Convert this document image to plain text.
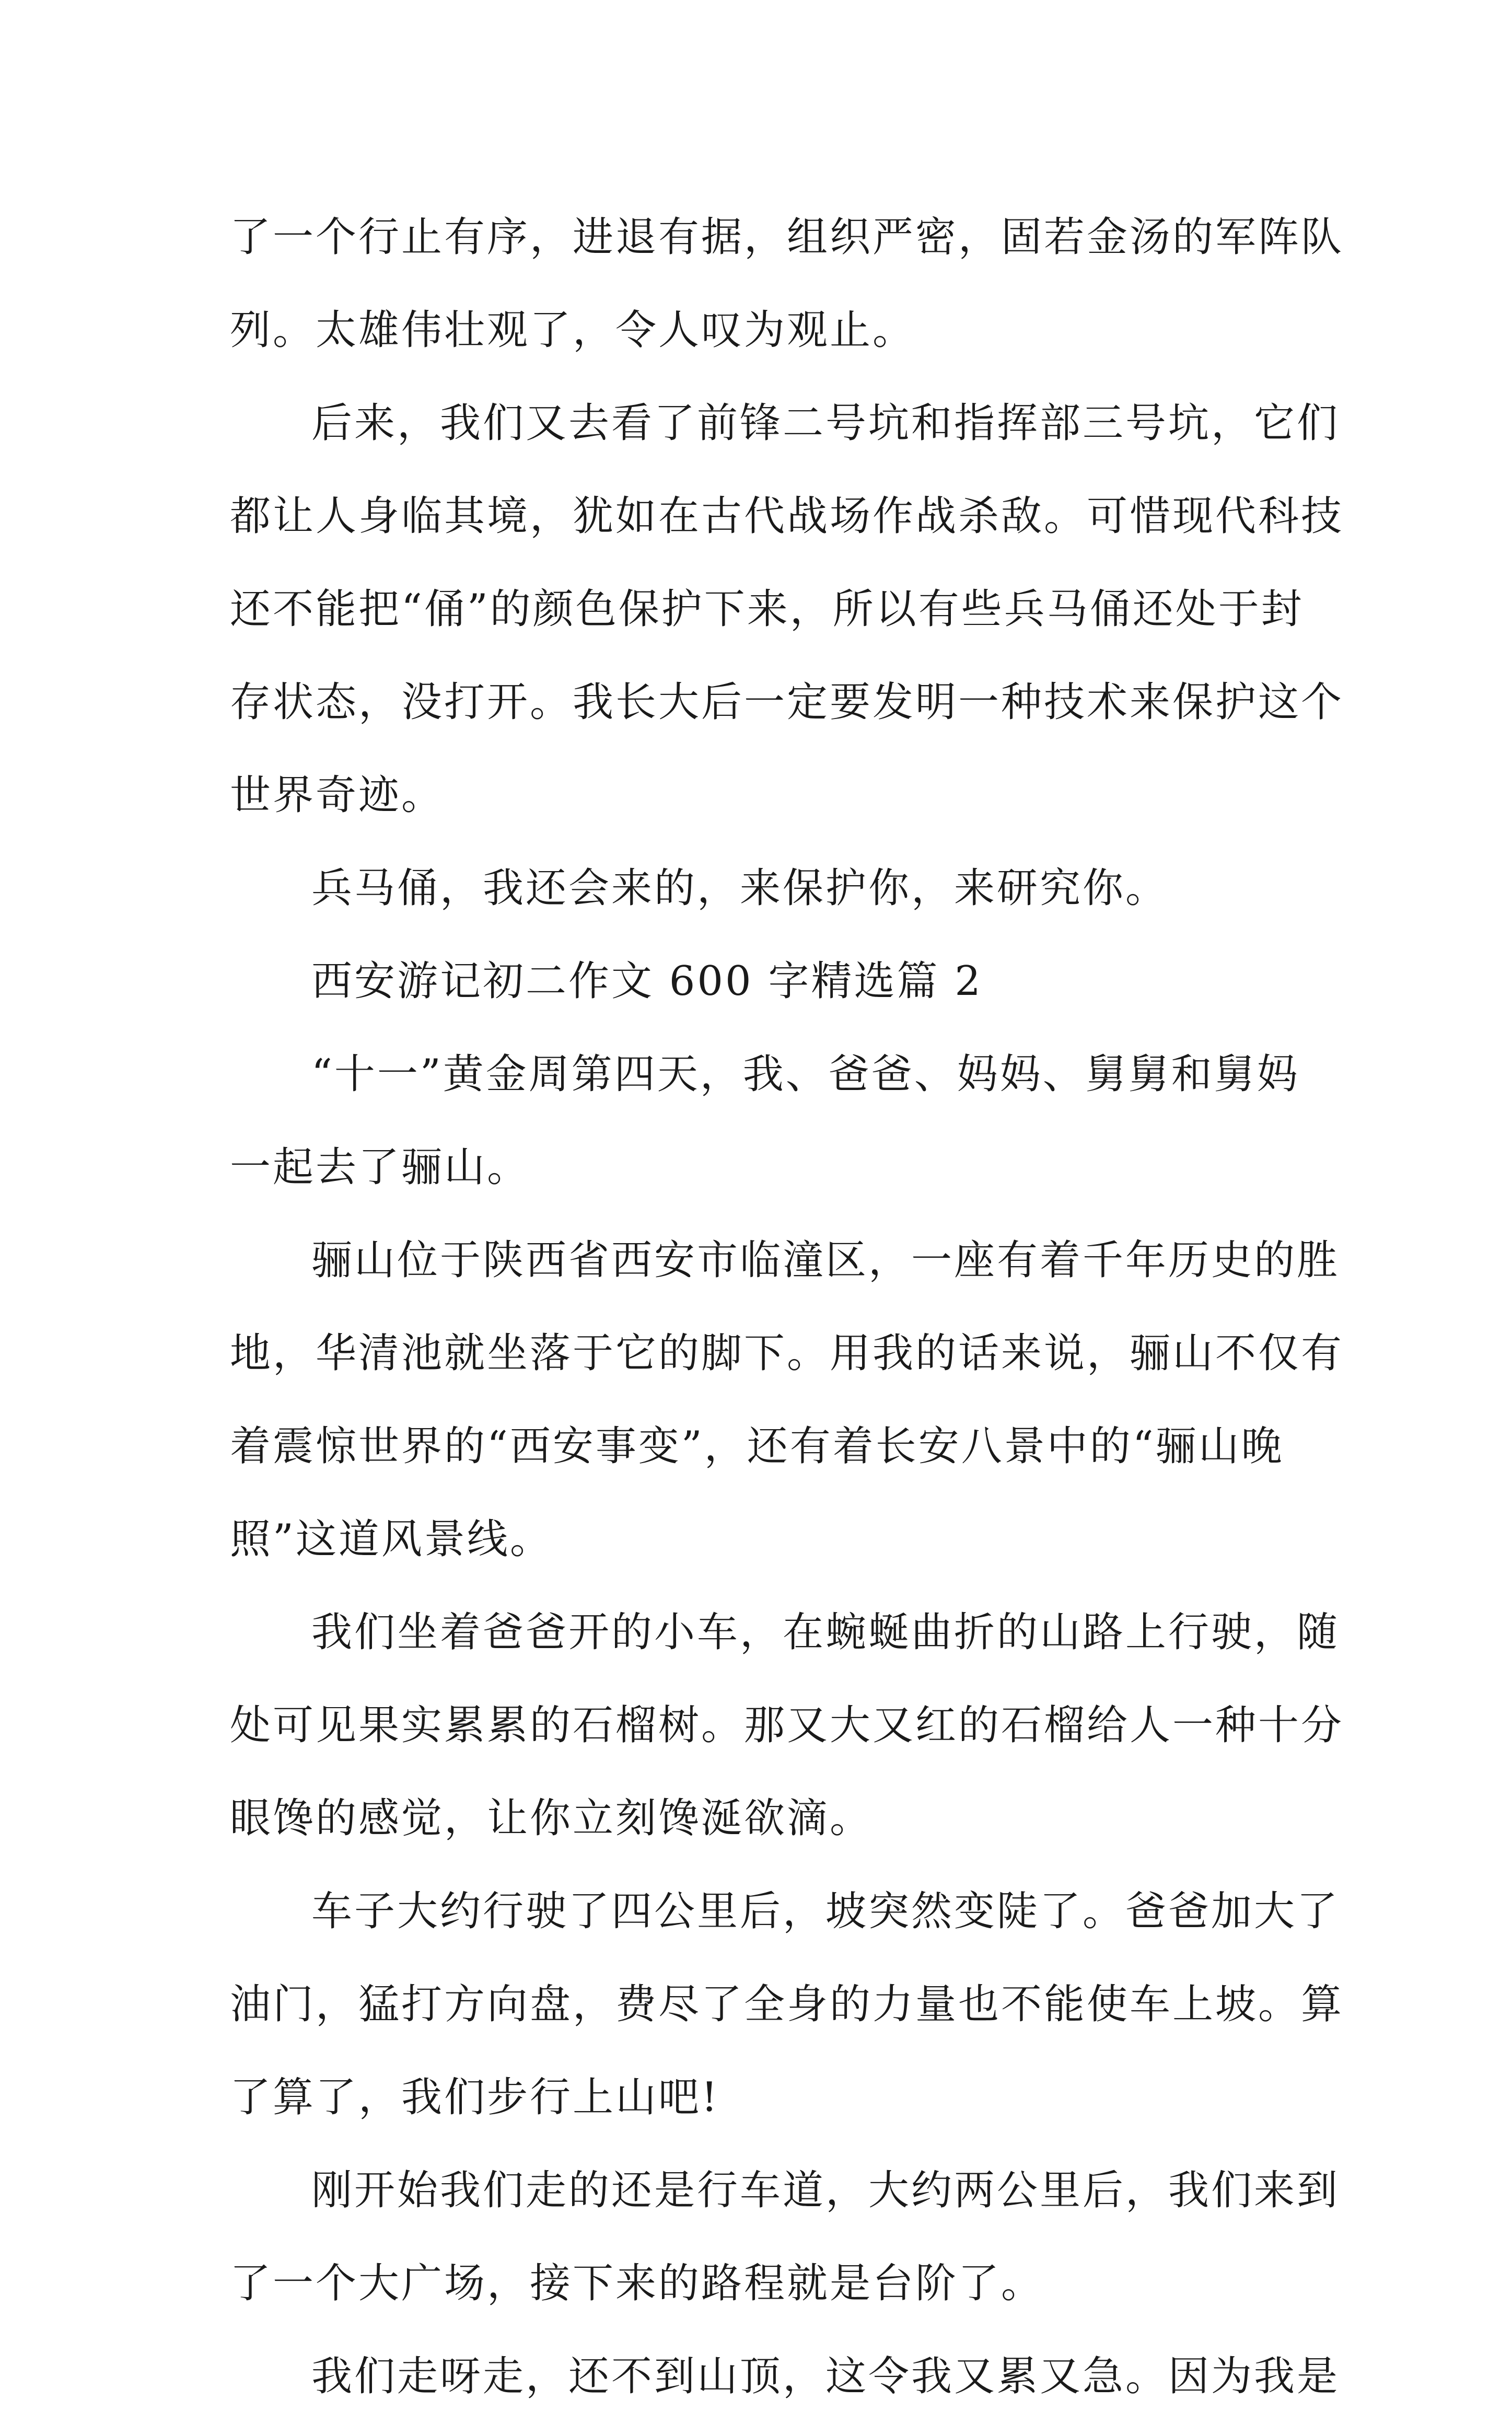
了一个行止有序，进退有据，组织严密，固若金汤的军阵队
列。太雄伟壮观了，令人叹为观止。
后来，我们又去看了前锋二号坑和指挥部三号坑，它们
都让人身临其境，犹如在古代战场作战杀敌。可惜现代科技
还不能把“俑”的颜色保护下来，所以有些兵马俑还处于封
存状态，没打开。我长大后一定要发明一种技术来保护这个
世界奇迹。
兵马俑，我还会来的，来保护你，来研究你。
西安游记初二作文 600 字精选篇 2
“十一”黄金周第四天，我、爸爸、妈妈、舅舅和舅妈
一起去了骊山。
骊山位于陕西省西安市临潼区，一座有着千年历史的胜
地，华清池就坐落于它的脚下。用我的话来说，骊山不仅有
着震惊世界的“西安事变”，还有着长安八景中的“骊山晚
照”这道风景线。
我们坐着爸爸开的小车，在蜿蜒曲折的山路上行驶，随
处可见果实累累的石榴树。那又大又红的石榴给人一种十分
眼馋的感觉，让你立刻馋涎欲滴。
车子大约行驶了四公里后，坡突然变陡了。爸爸加大了
油门，猛打方向盘，费尽了全身的力量也不能使车上坡。算
了算了，我们步行上山吧!
刚开始我们走的还是行车道，大约两公里后，我们来到
了一个大广场，接下来的路程就是台阶了。
我们走呀走，还不到山顶，这令我又累又急。因为我是
